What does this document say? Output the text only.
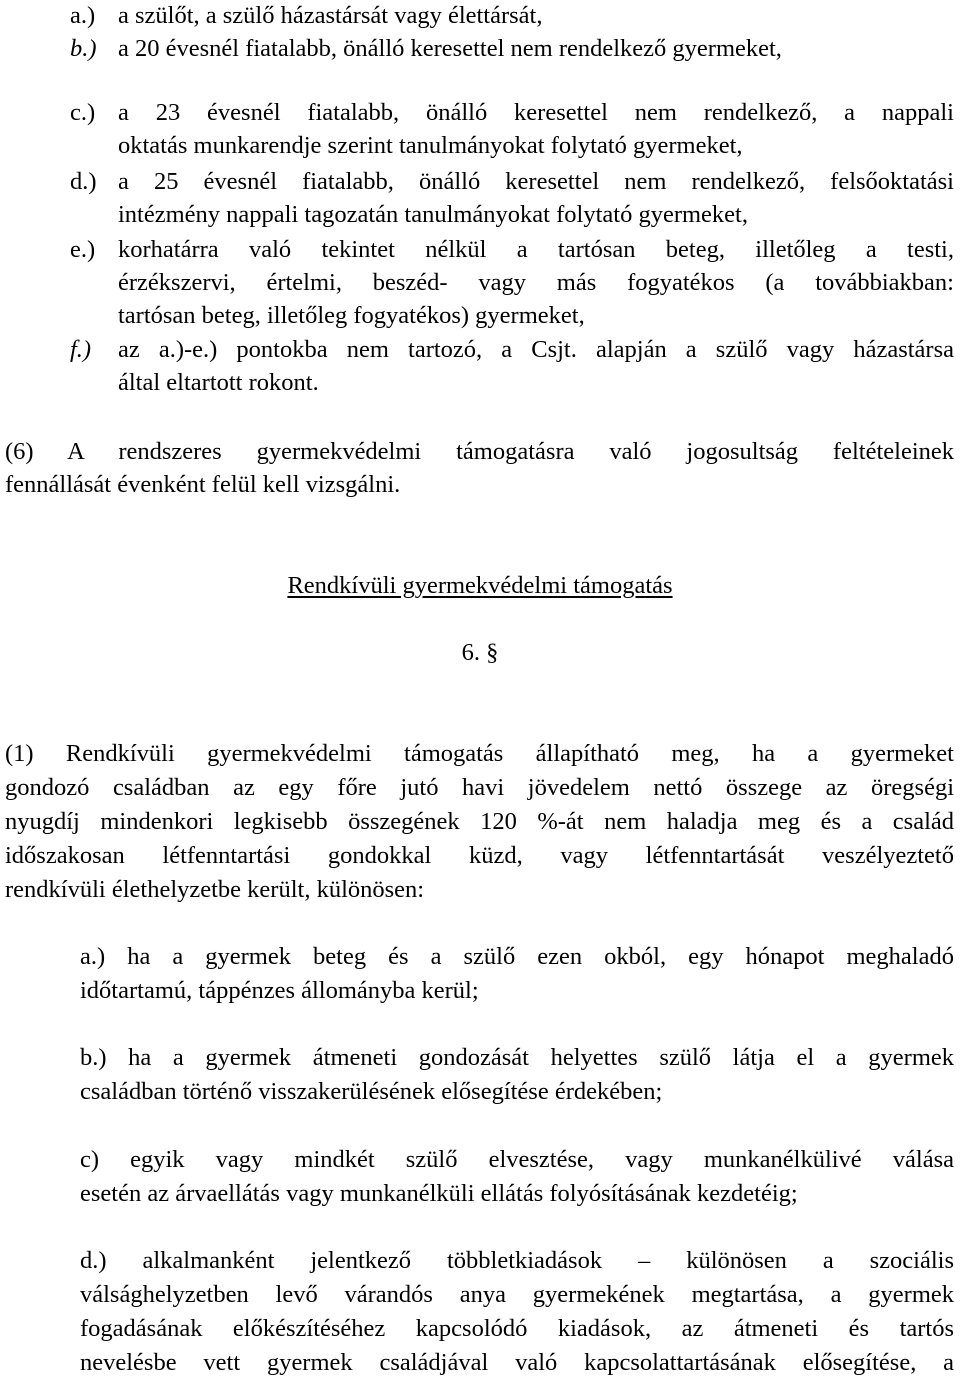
a.) a szülőt, a szülő házastársát vagy élettársát,
b.) a 20 évesnél fiatalabb, önálló keresettel nem rendelkező gyermeket,
c.) a 23 évesnél fiatalabb, önálló keresettel nem rendelkező, a nappali
oktatás munkarendje szerint tanulmányokat folytató gyermeket,
d.) a 25 évesnél fiatalabb, önálló keresettel nem rendelkező, felsőoktatási
intézmény nappali tagozatán tanulmányokat folytató gyermeket,
e.) korhatárra való tekintet nélkül a tartósan beteg, illetőleg a testi,
érzékszervi, értelmi, beszéd- vagy más fogyatékos (a továbbiakban:
tartósan beteg, illetőleg fogyatékos) gyermeket,
f.) az a.)-e.) pontokba nem tartozó, a Csjt. alapján a szülő vagy házastársa
által eltartott rokont.
(6) A rendszeres gyermekvédelmi támogatásra való jogosultság feltételeinek
fennállását évenként felül kell vizsgálni.
Rendkívüli gyermekvédelmi támogatás
6. §
(1) Rendkívüli gyermekvédelmi támogatás állapítható meg, ha a gyermeket
gondozó családban az egy főre jutó havi jövedelem nettó összege az öregségi
nyugdíj mindenkori legkisebb összegének 120 %-át nem haladja meg és a család
időszakosan létfenntartási gondokkal küzd, vagy létfenntartását veszélyeztető
rendkívüli élethelyzetbe került, különösen:
a.) ha a gyermek beteg és a szülő ezen okból, egy hónapot meghaladó
időtartamú, táppénzes állományba kerül;
b.) ha a gyermek átmeneti gondozását helyettes szülő látja el a gyermek
családban történő visszakerülésének elősegítése érdekében;
c) egyik vagy mindkét szülő elvesztése, vagy munkanélkülivé válása
esetén az árvaellátás vagy munkanélküli ellátás folyósításának kezdetéig;
d.) alkalmanként jelentkező többletkiadások – különösen a szociális
válsághelyzetben levő várandós anya gyermekének megtartása, a gyermek
fogadásának előkészítéséhez kapcsolódó kiadások, az átmeneti és tartós
nevelésbe vett gyermek családjával való kapcsolattartásának elősegítése, a
